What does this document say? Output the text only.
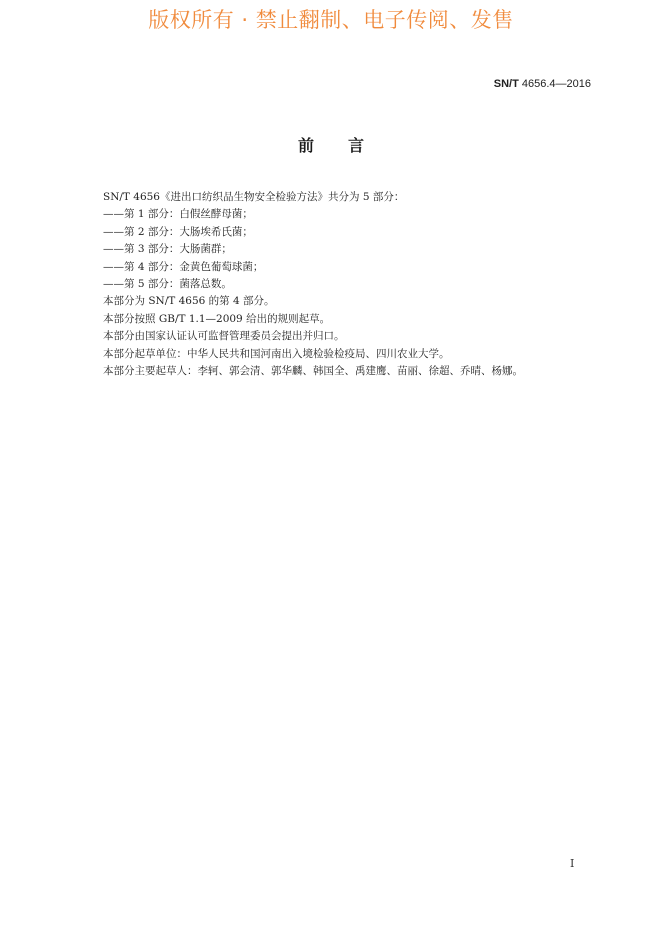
版权所有 · 禁止翻制、电子传阅、发售
SN/T 4656.4—2016
前言
SN/T 4656《进出口纺织品生物安全检验方法》共分为 5 部分：
——第 1 部分：白假丝酵母菌；
——第 2 部分：大肠埃希氏菌；
——第 3 部分：大肠菌群；
——第 4 部分：金黄色葡萄球菌；
——第 5 部分：菌落总数。
本部分为 SN/T 4656 的第 4 部分。
本部分按照 GB/T 1.1—2009 给出的规则起草。
本部分由国家认证认可监督管理委员会提出并归口。
本部分起草单位：中华人民共和国河南出入境检验检疫局、四川农业大学。
本部分主要起草人：李轲、郭会清、郭华麟、韩国全、禹建鹰、苗丽、徐超、乔晴、杨娜。
I
